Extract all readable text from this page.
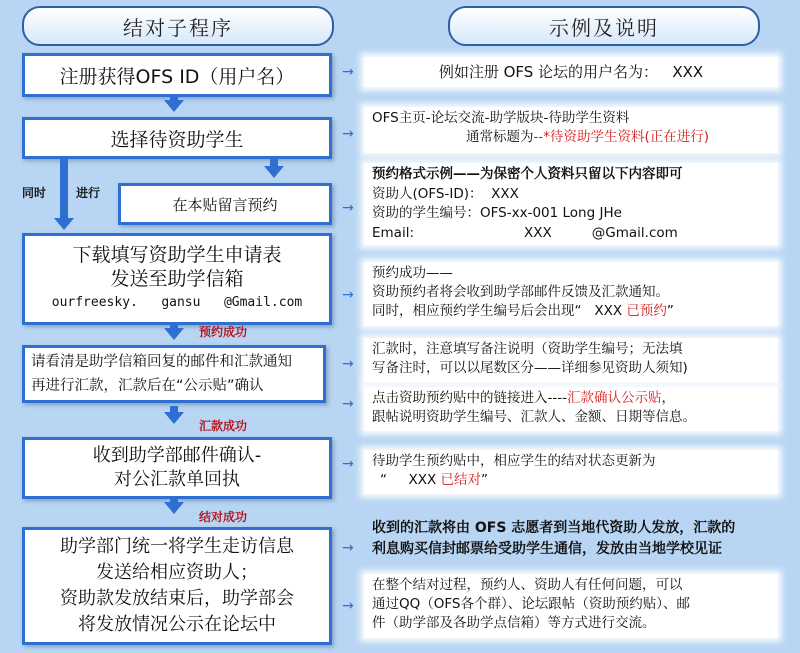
结对子程序	示例及说明
注册获得OFS ID（用户名）
选择待资助学生
同时 进行
在本贴留言预约
下载填写资助学生申请表
发送至助学信箱
ourfreesky. gansu @Gmail.com
预约成功
请看清是助学信箱回复的邮件和汇款通知
再进行汇款，汇款后在“公示贴”确认
汇款成功
收到助学部邮件确认-
对公汇款单回执
结对成功
助学部门统一将学生走访信息
发送给相应资助人；
资助款发放结束后，助学部会
将发放情况公示在论坛中
→
→
→
→
→
→
→
→
→
例如注册 OFS 论坛的用户名为： XXX
OFS主页-论坛交流-助学版块-待助学生资料
通常标题为--*待资助学生资料(正在进行)
预约格式示例——为保密个人资料只留以下内容即可
资助人(OFS-ID)： XXX
资助的学生编号：OFS-xx-001 Long JHe
Email:	XXX	@Gmail.com
预约成功——
资助预约者将会收到助学部邮件反馈及汇款通知。
同时，相应预约学生编号后会出现“ XXX 已预约”
汇款时，注意填写备注说明（资助学生编号；无法填
写备注时，可以以尾数区分——详细参见资助人须知)
点击资助预约贴中的链接进入----汇款确认公示贴，
跟帖说明资助学生编号、汇款人、金额、日期等信息。
待助学生预约贴中，相应学生的结对状态更新为
“ XXX 已结对”
收到的汇款将由 OFS 志愿者到当地代资助人发放，汇款的
利息购买信封邮票给受助学生通信，发放由当地学校见证
在整个结对过程，预约人、资助人有任何问题，可以
通过QQ（OFS各个群）、论坛跟帖（资助预约贴）、邮
件（助学部及各助学点信箱）等方式进行交流。
